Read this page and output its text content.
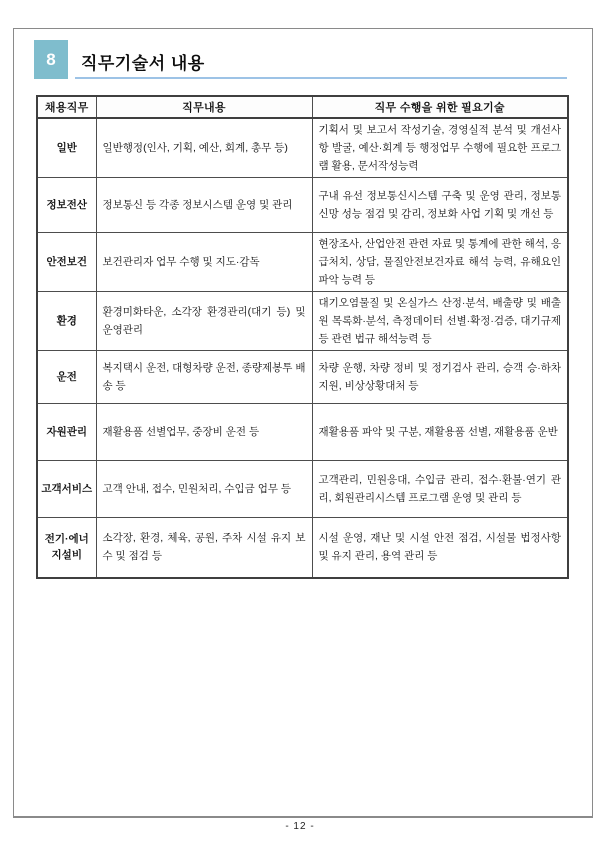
8 직무기술서 내용
채용직무	직무내용	직무 수행을 위한 필요기술
일반	일반행정(인사, 기획, 예산, 회계, 총무 등)	기획서 및 보고서 작성기술, 경영실적 분석 및 개선사항 발굴, 예산·회계 등 행정업무 수행에 필요한 프로그램 활용, 문서작성능력
정보전산	정보통신 등 각종 정보시스템 운영 및 관리	구내 유선 정보통신시스템 구축 및 운영 관리, 정보통신망 성능 점검 및 감리, 정보화 사업 기획 및 개선 등
안전보건	보건관리자 업무 수행 및 지도·감독	현장조사, 산업안전 관련 자료 및 통계에 관한 해석, 응급처치, 상담, 물질안전보건자료 해석 능력, 유해요인 파악 능력 등
환경	환경미화타운, 소각장 환경관리(대기 등) 및 운영관리	대기오염물질 및 온실가스 산정·분석, 배출량 및 배출원 목록화·분석, 측정데이터 선별·확정·검증, 대기규제 등 관련 법규 해석능력 등
운전	복지택시 운전, 대형차량 운전, 종량제봉투 배송 등	차량 운행, 차량 정비 및 정기검사 관리, 승객 승·하차 지원, 비상상황대처 등
자원관리	재활용품 선별업무, 중장비 운전 등	재활용품 파악 및 구분, 재활용품 선별, 재활용품 운반
고객서비스	고객 안내, 접수, 민원처리, 수입금 업무 등	고객관리, 민원응대, 수입금 관리, 접수·환불·연기 관리, 회원관리시스템 프로그램 운영 및 관리 등
전기·에너지설비	소각장, 환경, 체육, 공원, 주차 시설 유지 보수 및 점검 등	시설 운영, 재난 및 시설 안전 점검, 시설물 법정사항 및 유지 관리, 용역 관리 등
- 12 -
